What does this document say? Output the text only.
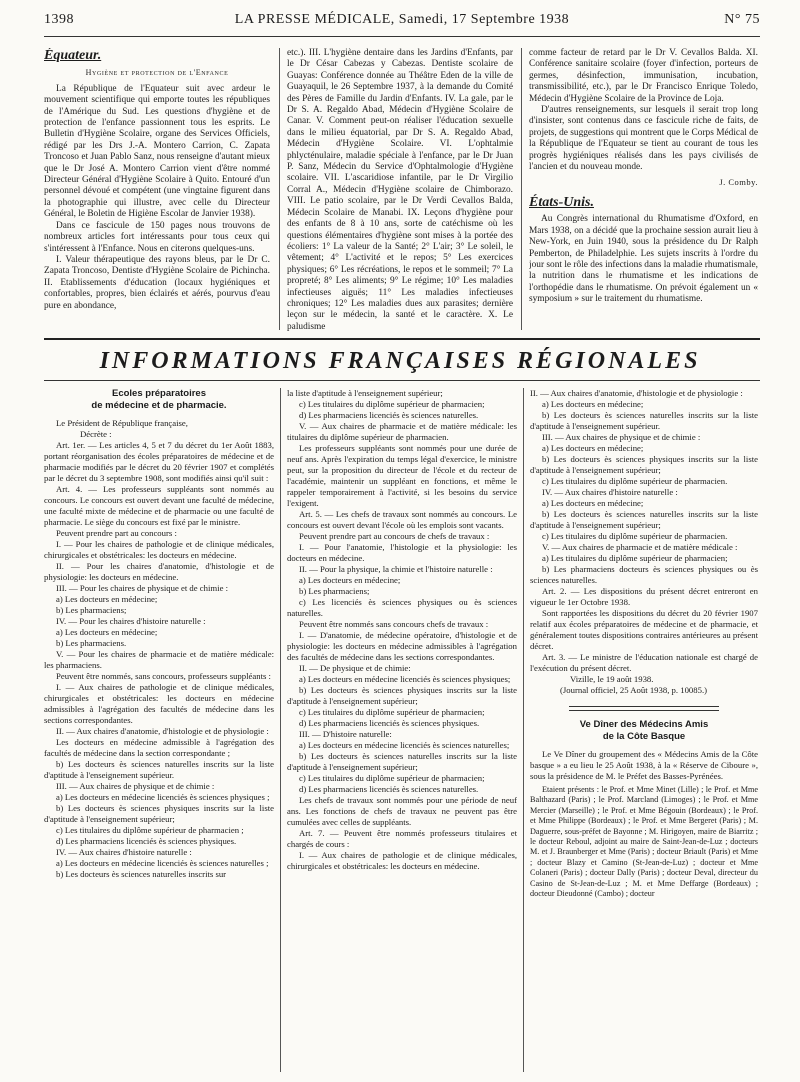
1398	LA PRESSE MÉDICALE, Samedi, 17 Septembre 1938	N° 75
Équateur.
Hygiène et protection de l'Enfance

La République de l'Equateur suit avec ardeur le mouvement scientifique qui emporte toutes les républiques de l'Amérique du Sud. Les questions d'hygiène et de protection de l'enfance passionnent tous les esprits. Le Bulletin d'Hygiène Scolaire, organe des Services Officiels, rédigé par les Drs J.-A. Montero Carrion, C. Zapata Troncoso et Juan Pablo Sanz, nous renseigne d'autant mieux que le Dr José A. Montero Carrion vient d'être nommé Directeur Général d'Hygiène Scolaire à Quito. Entouré d'un personnel dévoué et compétent (une vingtaine figurent dans la photographie qui illustre, avec celle du Directeur Général, le Boletin de Higiène Escolar de Janvier 1938).

Dans ce fascicule de 150 pages nous trouvons de nombreux articles fort intéressants pour tous ceux qui s'intéressent à l'Enfance. Nous en citerons quelques-uns.

I. Valeur thérapeutique des rayons bleus, par le Dr C. Zapata Troncoso, Dentiste d'Hygiène Scolaire de Pichincha. II. Etablissements d'éducation (locaux hygiéniques et confortables, propres, bien éclairés et aérés, pourvus d'eau pure en abondance,

etc.). III. L'hygiène dentaire dans les Jardins d'Enfants, par le Dr César Cabezas y Cabezas. Dentiste scolaire de Guayas: Conférence donnée au Théâtre Eden de la ville de Guayaquil, le 26 Septembre 1937, à la demande du Comité des Pères de Famille du Jardin d'Enfants. IV. La gale, par le Dr S. A. Regaldo Abad, Médecin d'Hygiène Scolaire de Canar. V. Comment peut-on réaliser l'éducation sexuelle dans le milieu équatorial, par Dr S. A. Regaldo Abad, Médecin d'Hygiène Scolaire. VI. L'ophtalmie phlycténulaire, maladie spéciale à l'enfance, par le Dr Juan P. Sanz, Médecin du Service d'Ophtalmologie d'Hygiène scolaire. VII. L'ascaridiose infantile, par le Dr Virgilio Corral A., Médecin d'Hygiène scolaire de Chimborazo. VIII. Le patio scolaire, par le Dr Verdi Cevallos Balda, Médecin Scolaire de Manabi. IX. Leçons d'hygiène pour des enfants de 8 à 10 ans, sorte de catéchisme où les questions élémentaires d'hygiène sont mises à la portée des écoliers: 1° La valeur de la Santé; 2° L'air; 3° Le soleil, le vêtement; 4° L'activité et le repos; 5° Les exercices physiques; 6° Les récréations, le repos et le sommeil; 7° La propreté; 8° Les aliments; 9° Le régime; 10° Les maladies infectieuses aiguës; 11° Les maladies infectieuses chroniques; 12° Les maladies dues aux parasites; dernière leçon sur le médecin, la santé et le caractère. X. Le paludisme

comme facteur de retard par le Dr V. Cevallos Balda. XI. Conférence sanitaire scolaire (foyer d'infection, porteurs de germes, désinfection, immunisation, incubation, transmissibilité, etc.), par le Dr Francisco Enrique Toledo, Médecin d'Hygiène Scolaire de la Province de Loja.

D'autres renseignements, sur lesquels il serait trop long d'insister, sont contenus dans ce fascicule riche de faits, de projets, de suggestions qui montrent que le Corps Médical de la République de l'Equateur se tient au courant de tous les progrès hygiéniques réalisés dans les pays civilisés de l'ancien et du nouveau monde.

J. Comby.
États-Unis.

Au Congrès international du Rhumatisme d'Oxford, en Mars 1938, on a décidé que la prochaine session aurait lieu à New-York, en Juin 1940, sous la présidence du Dr Ralph Pemberton, de Philadelphie. Les sujets inscrits à l'ordre du jour sont le rôle des infections dans la maladie rhumatismale, la nutrition dans le rhumatisme et les indications de l'orthopédie dans le rhumatisme. On prévoit également un « symposium » sur le traitement du rhumatisme.

INFORMATIONS FRANÇAISES RÉGIONALES
Ecoles préparatoires
de médecine et de pharmacie.

Le Président de République française,

Décrète :

Art. 1er. — Les articles 4, 5 et 7 du décret du 1er Août 1883, portant réorganisation des écoles préparatoires de médecine et de pharmacie modifiés par le décret du 20 février 1907 et complétés par le décret du 3 septembre 1908, sont modifiés ainsi qu'il suit :

Art. 4. — Les professeurs suppléants sont nommés au concours. Le concours est ouvert devant une faculté de médecine, une faculté mixte de médecine et de pharmacie ou une faculté de pharmacie. Le siège du concours est fixé par le ministre.

Peuvent prendre part au concours :

I. — Pour les chaires de pathologie et de clinique médicales, chirurgicales et obstétricales: les docteurs en médecine.

II. — Pour les chaires d'anatomie, d'histologie et de physiologie: les docteurs en médecine.

III. — Pour les chaires de physique et de chimie :

a) Les docteurs en médecine;

b) Les pharmaciens;

IV. — Pour les chaires d'histoire naturelle :

a) Les docteurs en médecine;

b) Les pharmaciens.

V. — Pour les chaires de pharmacie et de matière médicale: les pharmaciens.

Peuvent être nommés, sans concours, professeurs suppléants :

I. — Aux chaires de pathologie et de clinique médicales, chirurgicales et obstétricales: les docteurs en médecine admissibles à l'agrégation des facultés de médecine dans les sections correspondantes.

II. — Aux chaires d'anatomie, d'histologie et de physiologie :

Les docteurs en médecine admissible à l'agrégation des facultés de médecine dans la section correspondante ;

b) Les docteurs ès sciences naturelles inscrits sur la liste d'aptitude à l'enseignement supérieur.

III. — Aux chaires de physique et de chimie :

a) Les docteurs en médecine licenciés ès sciences physiques ;

b) Les docteurs ès sciences physiques inscrits sur la liste d'aptitude à l'enseignement supérieur;

c) Les titulaires du diplôme supérieur de pharmacien ;

d) Les pharmaciens licenciés ès sciences physiques.

IV. — Aux chaires d'histoire naturelle :

a) Les docteurs en médecine licenciés ès sciences naturelles ;

b) Les docteurs ès sciences naturelles inscrits sur

la liste d'aptitude à l'enseignement supérieur;

c) Les titulaires du diplôme supérieur de pharmacien;

d) Les pharmaciens licenciés ès sciences naturelles.

V. — Aux chaires de pharmacie et de matière médicale: les titulaires du diplôme supérieur de pharmacien.

Les professeurs suppléants sont nommés pour une durée de neuf ans. Après l'expiration du temps légal d'exercice, le ministre peut, sur la proposition du directeur de l'école et du recteur de l'académie, maintenir un suppléant en fonctions, et même le rappeler temporairement à l'activité, si les besoins du service l'exigent.

Art. 5. — Les chefs de travaux sont nommés au concours. Le concours est ouvert devant l'école où les emplois sont vacants.

Peuvent prendre part au concours de chefs de travaux :

I. — Pour l'anatomie, l'histologie et la physiologie: les docteurs en médecine.

II. — Pour la physique, la chimie et l'histoire naturelle :

a) Les docteurs en médecine;

b) Les pharmaciens;

c) Les licenciés ès sciences physiques ou ès sciences naturelles.

Peuvent être nommés sans concours chefs de travaux :

I. — D'anatomie, de médecine opératoire, d'histologie et de physiologie: les docteurs en médecine admissibles à l'agrégation des facultés de médecine dans les sections correspondantes.

II. — De physique et de chimie:

a) Les docteurs en médecine licenciés ès sciences physiques;

b) Les docteurs ès sciences physiques inscrits sur la liste d'aptitude à l'enseignement supérieur;

c) Les titulaires du diplôme supérieur de pharmacien;

d) Les pharmaciens licenciés ès sciences physiques.

III. — D'histoire naturelle:

a) Les docteurs en médecine licenciés ès sciences naturelles;

b) Les docteurs ès sciences naturelles inscrits sur la liste d'aptitude à l'enseignement supérieur;

c) Les titulaires du diplôme supérieur de pharmacien;

d) Les pharmaciens licenciés ès sciences naturelles.

Les chefs de travaux sont nommés pour une période de neuf ans. Les fonctions de chefs de travaux ne peuvent pas être cumulées avec celles de suppléants.

Art. 7. — Peuvent être nommés professeurs titulaires et chargés de cours :

I. — Aux chaires de pathologie et de clinique médicales, chirurgicales et obstétricales: les docteurs en médecine.

II. — Aux chaires d'anatomie, d'histologie et de physiologie :

a) Les docteurs en médecine;

b) Les docteurs ès sciences naturelles inscrits sur la liste d'aptitude à l'enseignement supérieur.

III. — Aux chaires de physique et de chimie :

a) Les docteurs en médecine;

b) Les docteurs ès sciences physiques inscrits sur la liste d'aptitude à l'enseignement supérieur;

c) Les titulaires du diplôme supérieur de pharmacien.

IV. — Aux chaires d'histoire naturelle :

a) Les docteurs en médecine;

b) Les docteurs ès sciences naturelles inscrits sur la liste d'aptitude à l'enseignement supérieur;

c) Les titulaires du diplôme supérieur de pharmacien.

V. — Aux chaires de pharmacie et de matière médicale :

a) Les titulaires du diplôme supérieur de pharmacien;

b) Les pharmaciens docteurs ès sciences physiques ou ès sciences naturelles.

Art. 2. — Les dispositions du présent décret entreront en vigueur le 1er Octobre 1938.

Sont rapportées les dispositions du décret du 20 février 1907 relatif aux écoles préparatoires de médecine et de pharmacie, et généralement toutes dispositions contraires antérieures au présent décret.

Art. 3. — Le ministre de l'éducation nationale est chargé de l'exécution du présent décret.

Vizille, le 19 août 1938.

(Journal officiel, 25 Août 1938, p. 10085.)

Ve Dîner des Médecins Amis
de la Côte Basque

Le Ve Dîner du groupement des « Médecins Amis de la Côte basque » a eu lieu le 25 Août 1938, à la « Réserve de Ciboure », sous la présidence de M. le Préfet des Basses-Pyrénées.

Etaient présents : le Prof. et Mme Minet (Lille) ; le Prof. et Mme Balthazard (Paris) ; le Prof. Marcland (Limoges) ; le Prof. et Mme Mercier (Marseille) ; le Prof. et Mme Bégouin (Bordeaux) ; le Prof. et Mme Philippe (Bordeaux) ; le Prof. et Mme Bergeret (Paris) ; M. Daguerre, sous-préfet de Bayonne ; M. Hirigoyen, maire de Biarritz ; le docteur Reboul, adjoint au maire de Saint-Jean-de-Luz ; docteurs M. et J. Braunberger et Mme (Paris) ; docteur Briault (Paris) et Mme ; docteur Blazy et Camino (St-Jean-de-Luz) ; docteur et Mme Colaneri (Paris) ; docteur Dally (Paris) ; docteur Deval, directeur du Casino de St-Jean-de-Luz ; M. et Mme Deffarge (Bordeaux) ; docteur Dieudonné (Cambo) ; docteur
